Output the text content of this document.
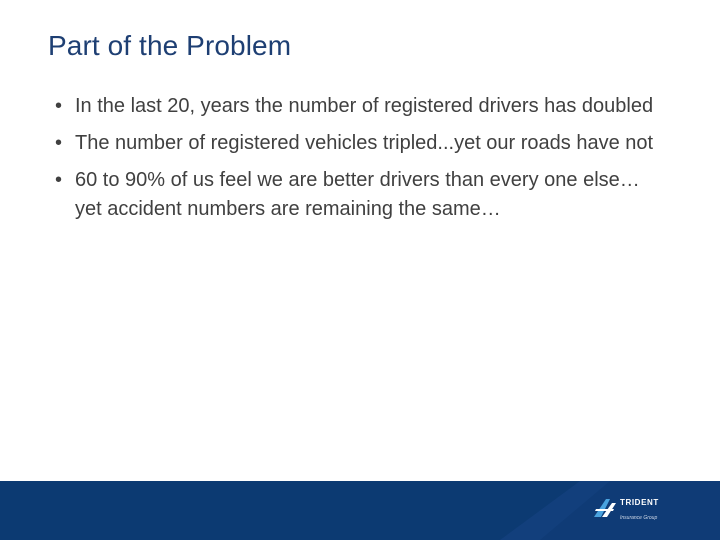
Part of the Problem
• In the last 20, years the number of registered drivers has doubled
• The number of registered vehicles tripled...yet our roads have not
• 60 to 90% of us feel we are better drivers than every one else…yet accident numbers are remaining the same…
TRIDENT
Insurance Group
